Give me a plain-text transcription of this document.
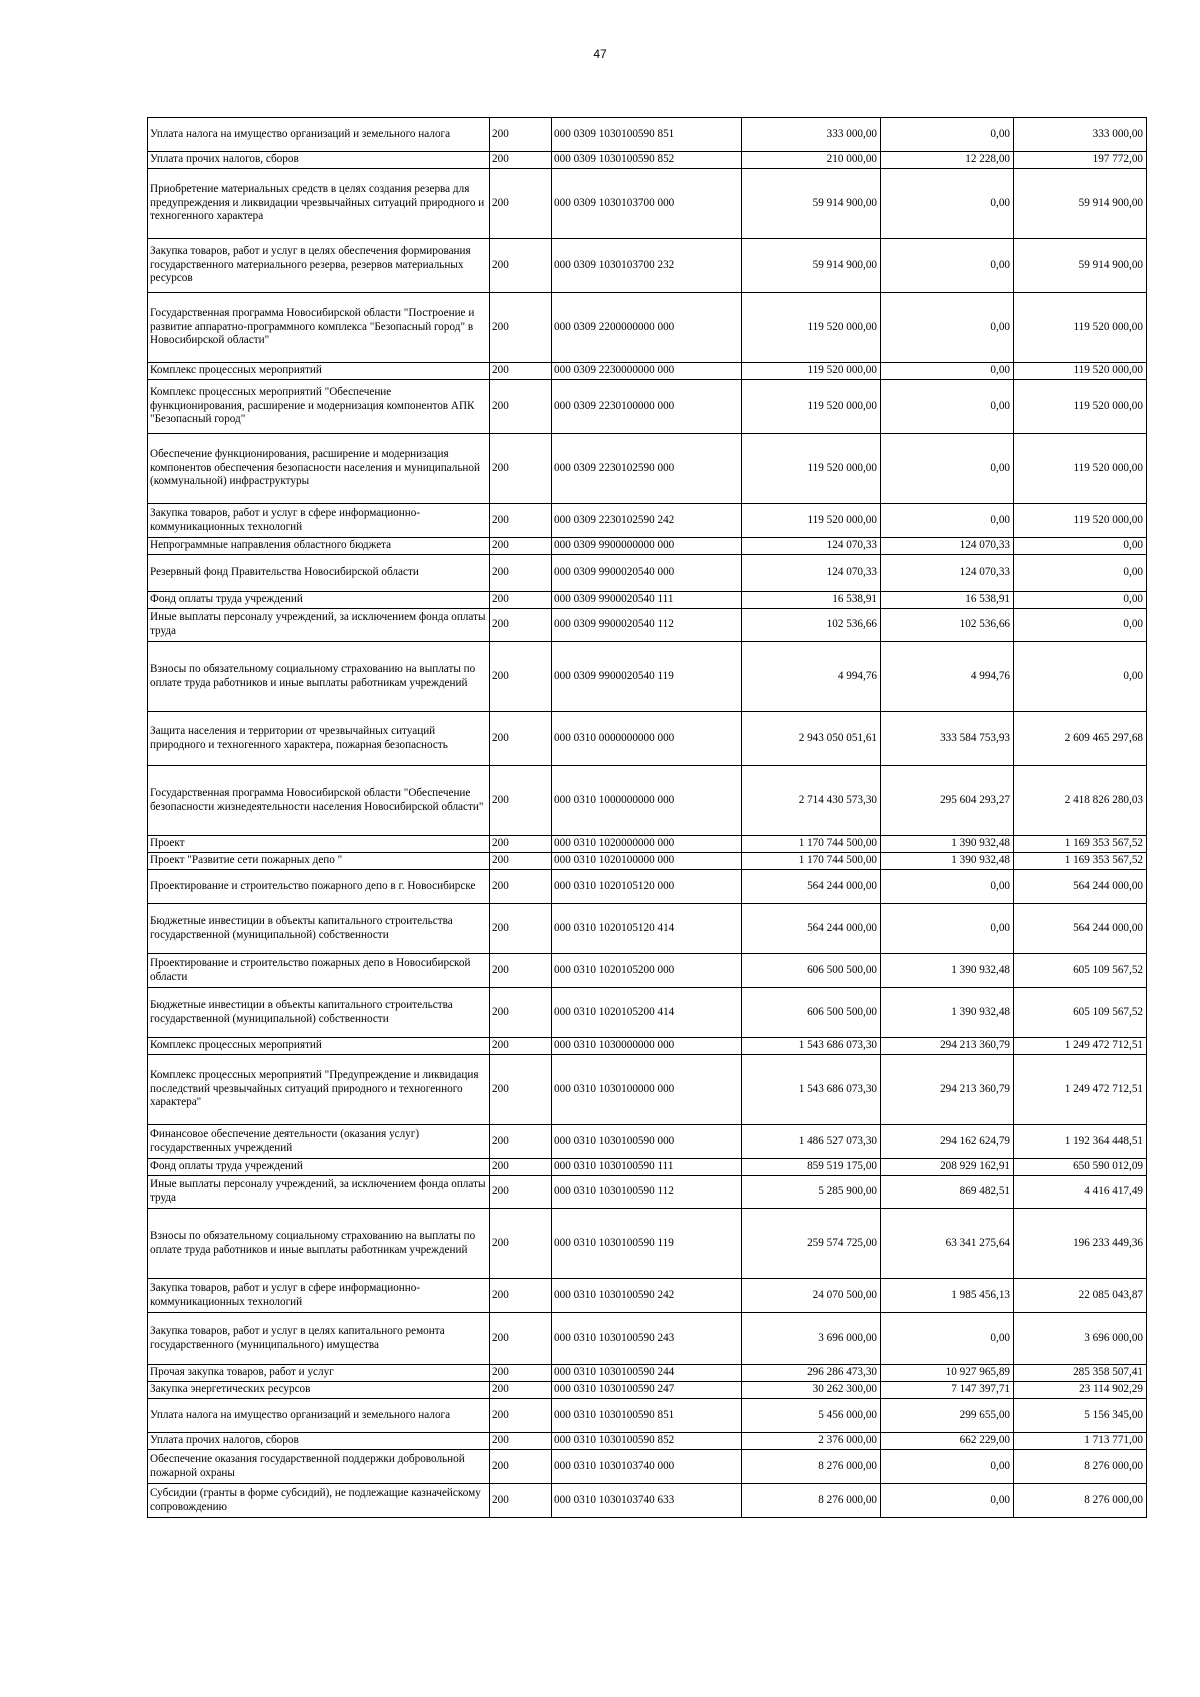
47
Уплата налога на имущество организаций и земельного налога	200	000 0309 1030100590 851	333 000,00	0,00	333 000,00
Уплата прочих налогов, сборов	200	000 0309 1030100590 852	210 000,00	12 228,00	197 772,00
Приобретение материальных средств в целях создания резерва для предупреждения и ликвидации чрезвычайных ситуаций природного и техногенного характера	200	000 0309 1030103700 000	59 914 900,00	0,00	59 914 900,00
Закупка товаров, работ и услуг в целях обеспечения формирования государственного материального резерва, резервов материальных ресурсов	200	000 0309 1030103700 232	59 914 900,00	0,00	59 914 900,00
Государственная программа Новосибирской области "Построение и развитие аппаратно-программного комплекса "Безопасный город" в Новосибирской области"	200	000 0309 2200000000 000	119 520 000,00	0,00	119 520 000,00
Комплекс процессных мероприятий	200	000 0309 2230000000 000	119 520 000,00	0,00	119 520 000,00
Комплекс процессных мероприятий "Обеспечение функционирования, расширение и модернизация компонентов АПК "Безопасный город"	200	000 0309 2230100000 000	119 520 000,00	0,00	119 520 000,00
Обеспечение функционирования, расширение и модернизация компонентов обеспечения безопасности населения и муниципальной (коммунальной) инфраструктуры	200	000 0309 2230102590 000	119 520 000,00	0,00	119 520 000,00
Закупка товаров, работ и услуг в сфере информационно-коммуникационных технологий	200	000 0309 2230102590 242	119 520 000,00	0,00	119 520 000,00
Непрограммные направления областного бюджета	200	000 0309 9900000000 000	124 070,33	124 070,33	0,00
Резервный фонд Правительства Новосибирской области	200	000 0309 9900020540 000	124 070,33	124 070,33	0,00
Фонд оплаты труда учреждений	200	000 0309 9900020540 111	16 538,91	16 538,91	0,00
Иные выплаты персоналу учреждений, за исключением фонда оплаты труда	200	000 0309 9900020540 112	102 536,66	102 536,66	0,00
Взносы по обязательному социальному страхованию на выплаты по оплате труда работников и иные выплаты работникам учреждений	200	000 0309 9900020540 119	4 994,76	4 994,76	0,00
Защита населения и территории от чрезвычайных ситуаций природного и техногенного характера, пожарная безопасность	200	000 0310 0000000000 000	2 943 050 051,61	333 584 753,93	2 609 465 297,68
Государственная программа Новосибирской области "Обеспечение безопасности жизнедеятельности населения Новосибирской области"	200	000 0310 1000000000 000	2 714 430 573,30	295 604 293,27	2 418 826 280,03
Проект	200	000 0310 1020000000 000	1 170 744 500,00	1 390 932,48	1 169 353 567,52
Проект "Развитие сети пожарных депо "	200	000 0310 1020100000 000	1 170 744 500,00	1 390 932,48	1 169 353 567,52
Проектирование и строительство пожарного депо в г. Новосибирске	200	000 0310 1020105120 000	564 244 000,00	0,00	564 244 000,00
Бюджетные инвестиции в объекты капитального строительства государственной (муниципальной) собственности	200	000 0310 1020105120 414	564 244 000,00	0,00	564 244 000,00
Проектирование и строительство пожарных депо в Новосибирской области	200	000 0310 1020105200 000	606 500 500,00	1 390 932,48	605 109 567,52
Бюджетные инвестиции в объекты капитального строительства государственной (муниципальной) собственности	200	000 0310 1020105200 414	606 500 500,00	1 390 932,48	605 109 567,52
Комплекс процессных мероприятий	200	000 0310 1030000000 000	1 543 686 073,30	294 213 360,79	1 249 472 712,51
Комплекс процессных мероприятий "Предупреждение и ликвидация последствий чрезвычайных ситуаций природного и техногенного характера"	200	000 0310 1030100000 000	1 543 686 073,30	294 213 360,79	1 249 472 712,51
Финансовое обеспечение деятельности (оказания услуг) государственных учреждений	200	000 0310 1030100590 000	1 486 527 073,30	294 162 624,79	1 192 364 448,51
Фонд оплаты труда учреждений	200	000 0310 1030100590 111	859 519 175,00	208 929 162,91	650 590 012,09
Иные выплаты персоналу учреждений, за исключением фонда оплаты труда	200	000 0310 1030100590 112	5 285 900,00	869 482,51	4 416 417,49
Взносы по обязательному социальному страхованию на выплаты по оплате труда работников и иные выплаты работникам учреждений	200	000 0310 1030100590 119	259 574 725,00	63 341 275,64	196 233 449,36
Закупка товаров, работ и услуг в сфере информационно-коммуникационных технологий	200	000 0310 1030100590 242	24 070 500,00	1 985 456,13	22 085 043,87
Закупка товаров, работ и услуг в целях капитального ремонта государственного (муниципального) имущества	200	000 0310 1030100590 243	3 696 000,00	0,00	3 696 000,00
Прочая закупка товаров, работ и услуг	200	000 0310 1030100590 244	296 286 473,30	10 927 965,89	285 358 507,41
Закупка энергетических ресурсов	200	000 0310 1030100590 247	30 262 300,00	7 147 397,71	23 114 902,29
Уплата налога на имущество организаций и земельного налога	200	000 0310 1030100590 851	5 456 000,00	299 655,00	5 156 345,00
Уплата прочих налогов, сборов	200	000 0310 1030100590 852	2 376 000,00	662 229,00	1 713 771,00
Обеспечение оказания государственной поддержки добровольной пожарной охраны	200	000 0310 1030103740 000	8 276 000,00	0,00	8 276 000,00
Субсидии (гранты в форме субсидий), не подлежащие казначейскому сопровождению	200	000 0310 1030103740 633	8 276 000,00	0,00	8 276 000,00
